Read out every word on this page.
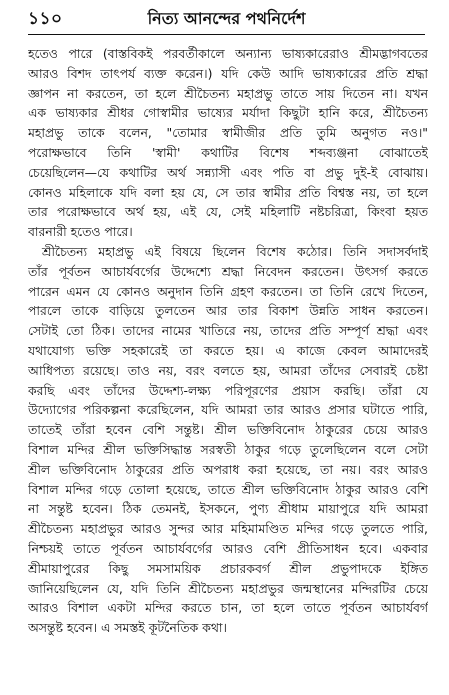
১১০	নিত্য আনন্দের পথনির্দেশ
হতেও পারে (বাস্তবিকই পরবর্তীকালে অন্যান্য ভাষ্যকারেরাও শ্রীমদ্ভাগবতের
আরও বিশদ তাৎপর্য ব্যক্ত করেন।) যদি কেউ আদি ভাষ্যকারের প্রতি শ্রদ্ধা
জ্ঞাপন না করতেন, তা হলে শ্রীচৈতন্য মহাপ্রভু তাতে সায় দিতেন না। যখন
এক ভাষ্যকার শ্রীধর গোস্বামীর ভাষ্যের মর্যাদা কিছুটা হানি করে, শ্রীচৈতন্য
মহাপ্রভু তাকে বলেন, "তোমার স্বামীজীর প্রতি তুমি অনুগত নও।"
পরোক্ষভাবে তিনি 'স্বামী' কথাটির বিশেষ শব্দব্যঞ্জনা বোঝাতেই
চেয়েছিলেন—যে কথাটির অর্থ সন্ন্যাসী এবং পতি বা প্রভু দুই-ই বোঝায়।
কোনও মহিলাকে যদি বলা হয় যে, সে তার স্বামীর প্রতি বিশ্বস্ত নয়, তা হলে
তার পরোক্ষভাবে অর্থ হয়, এই যে, সেই মহিলাটি নষ্টচরিত্রা, কিংবা হয়ত
বারনারী হতেও পারে।
শ্রীচৈতন্য মহাপ্রভু এই বিষয়ে ছিলেন বিশেষ কঠোর। তিনি সদাসর্বদাই
তাঁর পূর্বতন আচার্যবর্গের উদ্দেশ্যে শ্রদ্ধা নিবেদন করতেন। উৎসর্গ করতে
পারেন এমন যে কোনও অনুদান তিনি গ্রহণ করতেন। তা তিনি রেখে দিতেন,
পারলে তাকে বাড়িয়ে তুলতেন আর তার বিকাশ উন্নতি সাধন করতেন।
সেটাই তো ঠিক। তাদের নামের খাতিরে নয়, তাদের প্রতি সম্পূর্ণ শ্রদ্ধা এবং
যথাযোগ্য ভক্তি সহকারেই তা করতে হয়। এ কাজে কেবল আমাদেরই
আধিপত্য রয়েছে। তাও নয়, বরং বলতে হয়, আমরা তাঁদের সেবারই চেষ্টা
করছি এবং তাঁদের উদ্দেশ্য-লক্ষ্য পরিপূরণের প্রয়াস করছি। তাঁরা যে
উদ্যোগের পরিকল্পনা করেছিলেন, যদি আমরা তার আরও প্রসার ঘটাতে পারি,
তাতেই তাঁরা হবেন বেশি সন্তুষ্ট। শ্রীল ভক্তিবিনোদ ঠাকুরের চেয়ে আরও
বিশাল মন্দির শ্রীল ভক্তিসিদ্ধান্ত সরস্বতী ঠাকুর গড়ে তুলেছিলেন বলে সেটা
শ্রীল ভক্তিবিনোদ ঠাকুরের প্রতি অপরাধ করা হয়েছে, তা নয়। বরং আরও
বিশাল মন্দির গড়ে তোলা হয়েছে, তাতে শ্রীল ভক্তিবিনোদ ঠাকুর আরও বেশি
না সন্তুষ্ট হবেন। ঠিক তেমনই, ইসকনে, পুণ্য শ্রীধাম মায়াপুরে যদি আমরা
শ্রীচৈতন্য মহাপ্রভুর আরও সুন্দর আর মহিমামণ্ডিত মন্দির গড়ে তুলতে পারি,
নিশ্চয়ই তাতে পূর্বতন আচার্যবর্গের আরও বেশি প্রীতিসাধন হবে। একবার
শ্রীমায়াপুরের কিছু সমসাময়িক প্রচারকবর্গ শ্রীল প্রভুপাদকে ইঙ্গিত
জানিয়েছিলেন যে, যদি তিনি শ্রীচৈতন্য মহাপ্রভুর জন্মস্থানের মন্দিরটির চেয়ে
আরও বিশাল একটা মন্দির করতে চান, তা হলে তাতে পূর্বতন আচার্যবর্গ
অসন্তুষ্ট হবেন। এ সমস্তই কূটনৈতিক কথা।
